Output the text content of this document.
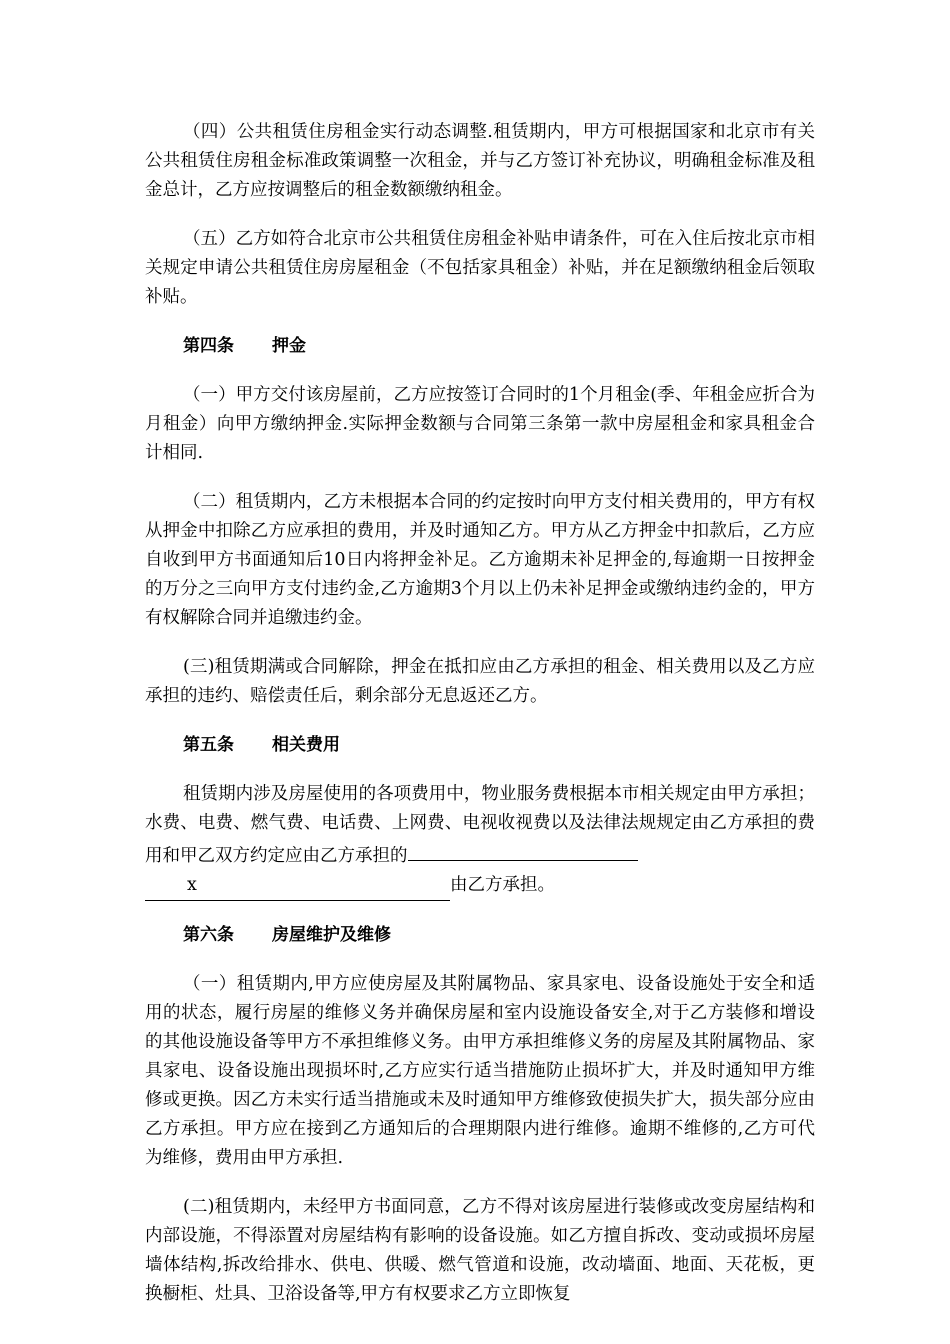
（四）公共租赁住房租金实行动态调整.租赁期内，甲方可根据国家和北京市有关公共租赁住房租金标准政策调整一次租金，并与乙方签订补充协议，明确租金标准及租金总计，乙方应按调整后的租金数额缴纳租金。

（五）乙方如符合北京市公共租赁住房租金补贴申请条件，可在入住后按北京市相关规定申请公共租赁住房房屋租金（不包括家具租金）补贴，并在足额缴纳租金后领取补贴。

第四条 押金

（一）甲方交付该房屋前，乙方应按签订合同时的1个月租金(季、年租金应折合为月租金）向甲方缴纳押金.实际押金数额与合同第三条第一款中房屋租金和家具租金合计相同.

（二）租赁期内，乙方未根据本合同的约定按时向甲方支付相关费用的，甲方有权从押金中扣除乙方应承担的费用，并及时通知乙方。甲方从乙方押金中扣款后，乙方应自收到甲方书面通知后10日内将押金补足。乙方逾期未补足押金的,每逾期一日按押金的万分之三向甲方支付违约金,乙方逾期3个月以上仍未补足押金或缴纳违约金的，甲方有权解除合同并追缴违约金。

(三)租赁期满或合同解除，押金在抵扣应由乙方承担的租金、相关费用以及乙方应承担的违约、赔偿责任后，剩余部分无息返还乙方。

第五条 相关费用

租赁期内涉及房屋使用的各项费用中，物业服务费根据本市相关规定由甲方承担；水费、电费、燃气费、电话费、上网费、电视收视费以及法律法规规定由乙方承担的费用和甲乙双方约定应由乙方承担的
x	由乙方承担。

第六条 房屋维护及维修

（一）租赁期内,甲方应使房屋及其附属物品、家具家电、设备设施处于安全和适用的状态，履行房屋的维修义务并确保房屋和室内设施设备安全,对于乙方装修和增设的其他设施设备等甲方不承担维修义务。由甲方承担维修义务的房屋及其附属物品、家具家电、设备设施出现损坏时,乙方应实行适当措施防止损坏扩大，并及时通知甲方维修或更换。因乙方未实行适当措施或未及时通知甲方维修致使损失扩大，损失部分应由乙方承担。甲方应在接到乙方通知后的合理期限内进行维修。逾期不维修的,乙方可代为维修，费用由甲方承担.

(二)租赁期内，未经甲方书面同意，乙方不得对该房屋进行装修或改变房屋结构和内部设施，不得添置对房屋结构有影响的设备设施。如乙方擅自拆改、变动或损坏房屋墙体结构,拆改给排水、供电、供暖、燃气管道和设施，改动墙面、地面、天花板，更换橱柜、灶具、卫浴设备等,甲方有权要求乙方立即恢复
